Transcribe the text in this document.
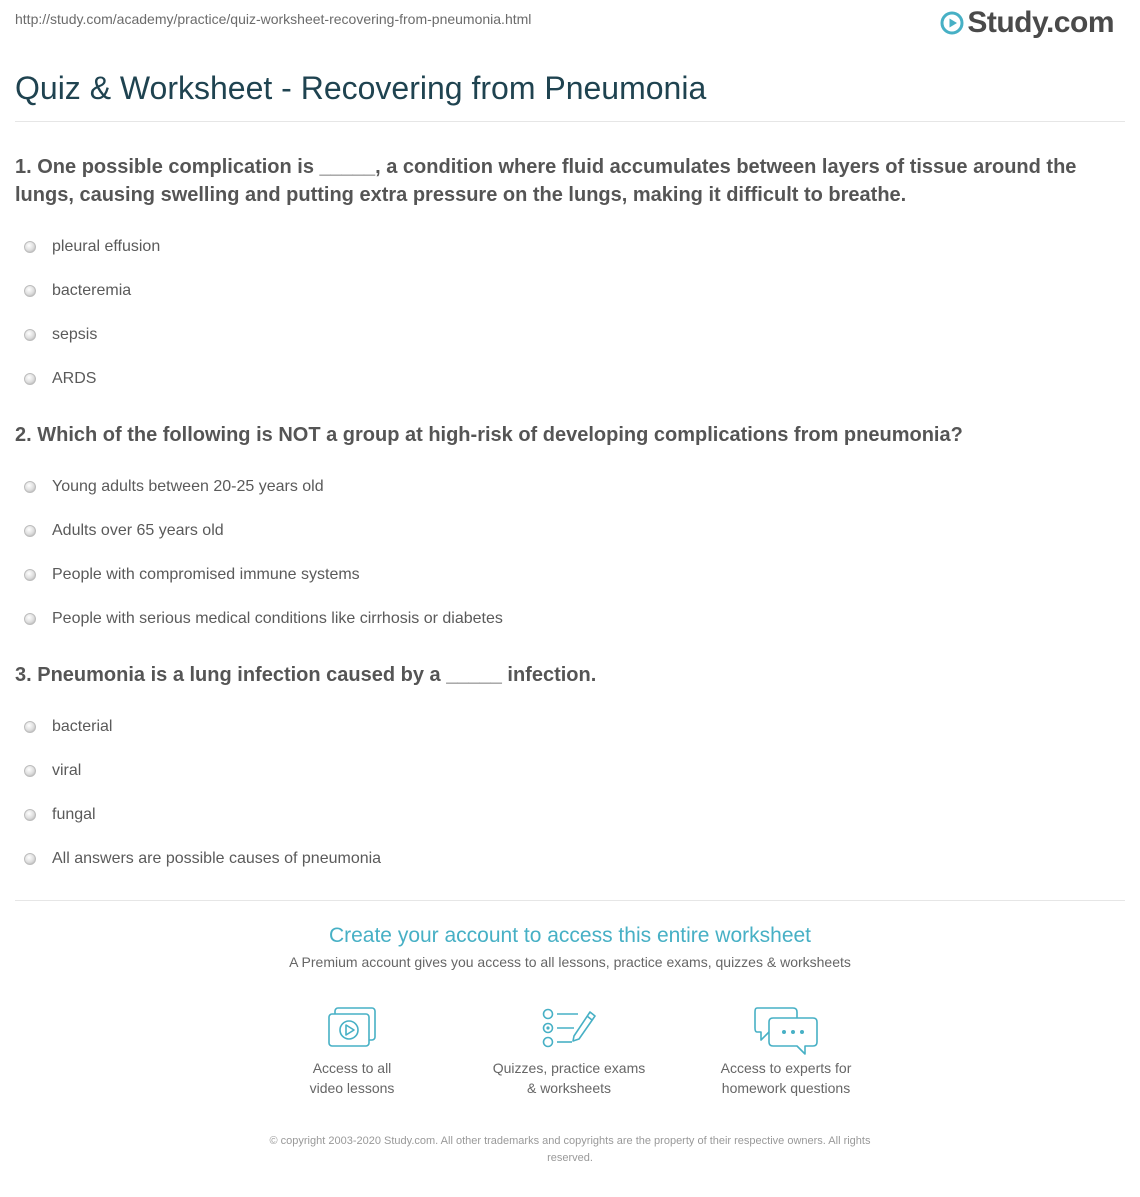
http://study.com/academy/practice/quiz-worksheet-recovering-from-pneumonia.html	Study.com
Quiz & Worksheet - Recovering from Pneumonia

1. One possible complication is _____, a condition where fluid accumulates between layers of tissue around the lungs, causing swelling and putting extra pressure on the lungs, making it difficult to breathe.

pleural effusion
bacteremia
sepsis
ARDS

2. Which of the following is NOT a group at high-risk of developing complications from pneumonia?

Young adults between 20-25 years old
Adults over 65 years old
People with compromised immune systems
People with serious medical conditions like cirrhosis or diabetes

3. Pneumonia is a lung infection caused by a _____ infection.

bacterial
viral
fungal
All answers are possible causes of pneumonia
Create your account to access this entire worksheet
A Premium account gives you access to all lessons, practice exams, quizzes & worksheets
Access to all
video lessons
Quizzes, practice exams
& worksheets
Access to experts for
homework questions
© copyright 2003-2020 Study.com. All other trademarks and copyrights are the property of their respective owners. All rights
reserved.
